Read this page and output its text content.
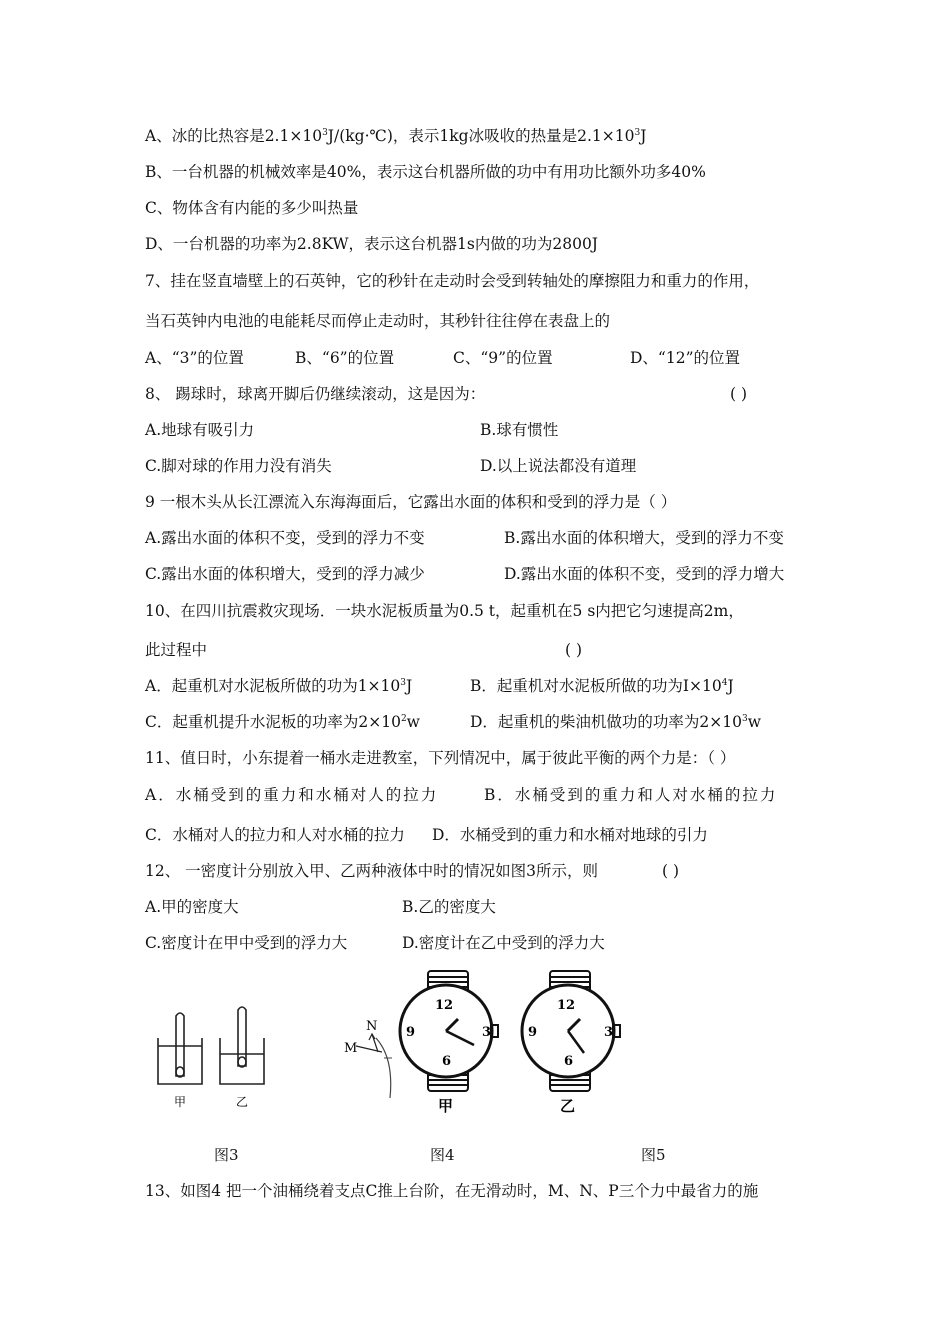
A、冰的比热容是$2.1\times 10^3J/(kg\cdot℃)$，表示1kg冰吸收的热量是$2.1\times 10^3J$
B、一台机器的机械效率是40%，表示这台机器所做的功中有用功比额外功多40%
C、物体含有内能的多少叫热量
D、一台机器的功率为2.8KW，表示这台机器1s内做的功为2800J
7、挂在竖直墙壁上的石英钟，它的秒针在走动时会受到转轴处的摩擦阻力和重力的作用，
当石英钟内电池的电能耗尽而停止走动时，其秒针往往停在表盘上的
A、“3”的位置	B、“6”的位置	C、“9”的位置	D、“12”的位置
8、 踢球时，球离开脚后仍继续滚动，这是因为：	( )
A.地球有吸引力	B.球有惯性
C.脚对球的作用力没有消失	D.以上说法都没有道理
9 一根木头从长江漂流入东海海面后，它露出水面的体积和受到的浮力是（ ）
A.露出水面的体积不变，受到的浮力不变	B.露出水面的体积增大，受到的浮力不变
C.露出水面的体积增大，受到的浮力减少	D.露出水面的体积不变，受到的浮力增大
10、在四川抗震救灾现场．一块水泥板质量为0.5 t，起重机在5 s内把它匀速提高2m，
此过程中	( )
A．起重机对水泥板所做的功为$1\times 10^3J$	B．起重机对水泥板所做的功为$I\times 10^4J$
C．起重机提升水泥板的功率为$2\times 10^2w$	D．起重机的柴油机做功的功率为$2\times 10^3w$
11、值日时，小东提着一桶水走进教室，下列情况中，属于彼此平衡的两个力是：（ ）
A．水桶受到的重力和水桶对人的拉力	B．水桶受到的重力和人对水桶的拉力
C．水桶对人的拉力和人对水桶的拉力 D．水桶受到的重力和水桶对地球的引力
12、 一密度计分别放入甲、乙两种液体中时的情况如图3所示，则	( )
A.甲的密度大	B.乙的密度大
C.密度计在甲中受到的浮力大	D.密度计在乙中受到的浮力大
甲	乙
N
M
12
3
6
9
甲
12
3
6
9
乙
图3	图4	图5
13、如图4 把一个油桶绕着支点C推上台阶，在无滑动时，M、N、P三个力中最省力的施
